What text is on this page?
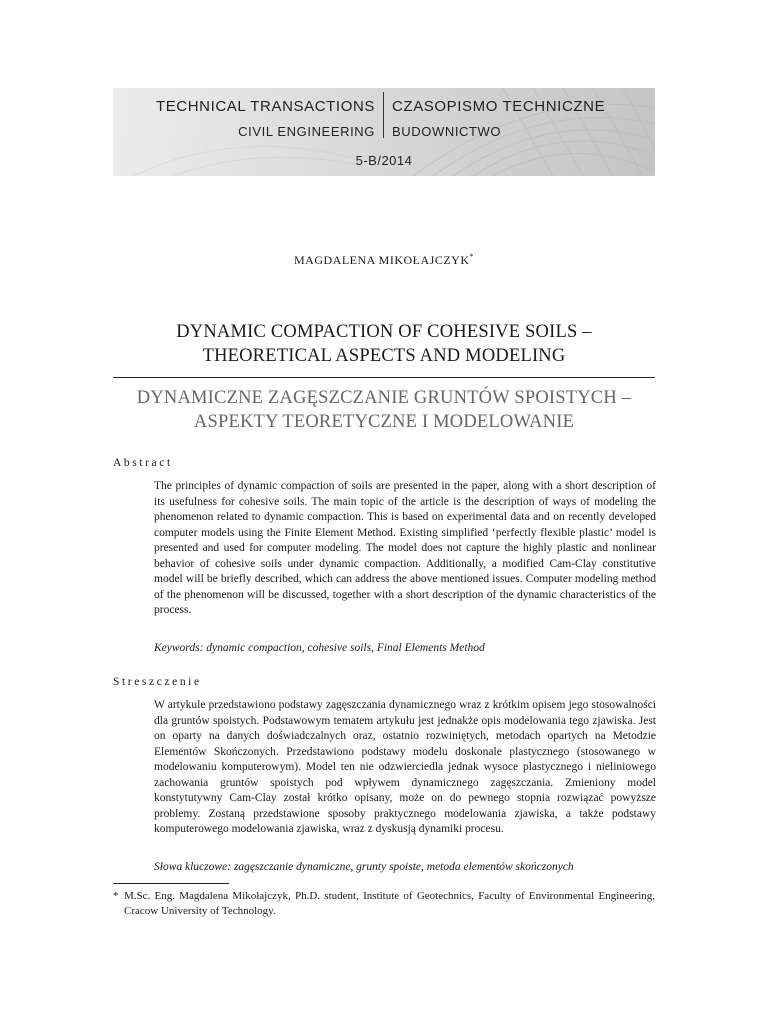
TECHNICAL TRANSACTIONS CZASOPISMO TECHNICZNE
CIVIL ENGINEERING BUDOWNICTWO
5-B/2014
MAGDALENA MIKOŁAJCZYK*
DYNAMIC COMPACTION OF COHESIVE SOILS –
THEORETICAL ASPECTS AND MODELING
DYNAMICZNE ZAGĘSZCZANIE GRUNTÓW SPOISTYCH –
ASPEKTY TEORETYCZNE I MODELOWANIE
Abstract

The principles of dynamic compaction of soils are presented in the paper, along with a short description of its usefulness for cohesive soils. The main topic of the article is the description of ways of modeling the phenomenon related to dynamic compaction. This is based on experimental data and on recently developed computer models using the Finite Element Method. Existing simplified ‘perfectly flexible plastic’ model is presented and used for computer modeling. The model does not capture the highly plastic and nonlinear behavior of cohesive soils under dynamic compaction. Additionally, a modified Cam-Clay constitutive model will be briefly described, which can address the above mentioned issues. Computer modeling method of the phenomenon will be discussed, together with a short description of the dynamic characteristics of the process.

Keywords: dynamic compaction, cohesive soils, Final Elements Method
Streszczenie

W artykule przedstawiono podstawy zagęszczania dynamicznego wraz z krótkim opisem jego stosowalności dla gruntów spoistych. Podstawowym tematem artykułu jest jednakże opis modelowania tego zjawiska. Jest on oparty na danych doświadczalnych oraz, ostatnio rozwiniętych, metodach opartych na Metodzie Elementów Skończonych. Przedstawiono podstawy modelu doskonale plastycznego (stosowanego w modelowaniu komputerowym). Model ten nie odzwierciedla jednak wysoce plastycznego i nieliniowego zachowania gruntów spoistych pod wpływem dynamicznego zagęszczania. Zmieniony model konstytutywny Cam-Clay został krótko opisany, może on do pewnego stopnia rozwiązać powyższe problemy. Zostaną przedstawione sposoby praktycznego modelowania zjawiska, a także podstawy komputerowego modelowania zjawiska, wraz z dyskusją dynamiki procesu.

Słowa kluczowe: zagęszczanie dynamiczne, grunty spoiste, metoda elementów skończonych
* M.Sc. Eng. Magdalena Mikołajczyk, Ph.D. student, Institute of Geotechnics, Faculty of Environmental Engineering, Cracow University of Technology.
